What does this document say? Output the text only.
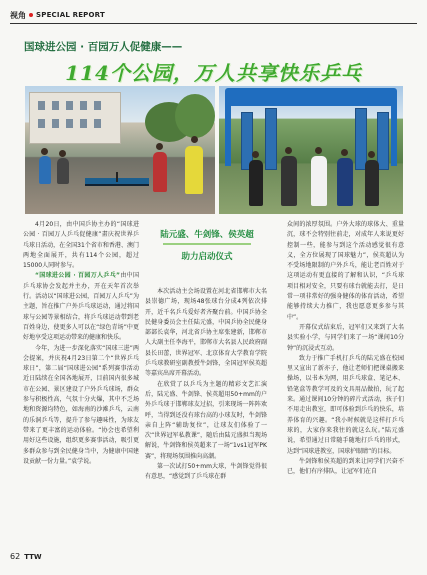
视角 SPECIAL REPORT
国球进公园 · 百园万人促健康——
114个公园，万人共享快乐乒乓

4月20日，由中国乒协主办的“国球进公园 · 百园万人乒乓促健康”畫庆祝世界乒乓球日活动，在全国31个省市和香港、澳门两地全面展开，共有114个公园，超过15000人同时参与。

“国球进公园 · 百园万人乒乓”由中国乒乓球协会发起并主办，开在天年首次举行。活动以“国球进公园，百园万人乒乓”为主题，旨在推广户外乒乓球运动，通过将国球与公园等景相结合，将乒乓球运动带到老百姓身边，使更多人可以在“绿色青场”中更好地享受这项运动带来的健康和快乐。

今年，为进一步深化落实“国球三进”两会提案，并庆祝4月23日第二个“世界乒乓球日”，第二届“国球进公园”系列赛事活动近日陆续在全国各地展开，目前国内很多城市在公园、景区建设了户外乒乓球场，群众参与积极性高，气氛十分火爆，其中不乏场地和资源均特色，如海南的沙滩乒乓，云南的乐洞乒乓等，提升了参与趣味性，为球友带来了更丰富的运动体验。“协会也希望利用好这些设施，组织更多赛事活动，吸引更多群众参与到全民健身当中，为健康中国建设贡献一份力量。”袁学说。

陆元盛、牛剑锋、侯英超
助力启动仪式

本次活动主会场设置在河北省邯郸市大名县崇德广场，现场48张球台分成4列依次排开，近千名乒乓爱好者齐聚台前。中国乒协全民健身委员会主任陆元盛，中国乒协全民健身部部长袁华，河北省乒协主席张建新，邯郸市人大副主任李海平，邯郸市大名县人民政府副县长田蕾，世界冠军、北京体育大学教育学院乒乓球教研室副教授牛剑锋，全国冠军侯英超等嘉宾出席开幕活动。

在欣赏了以乒乓为主题的精彩文艺汇演后，陆元盛、牛剑锋、侯英超用50+mm的户外乒乓球于邯郸球友过招，引来现场一阵阵欢呼，当得到还没有球台高的小球友时，牛剑锋亲自上阵“辅助复位”，让球友们体验了一次“世界冠军私教课”，随后由陆元盛担当现场解说，牛剑锋和侯英超来了一场“1vs1冠军PK赛”，将现场氛围推向高潮。

第一次试打50+mm大球，牛剑锋觉得很有意思，“感觉到了乒乓球在群

众间的浓厚氛围。户外大球的球体大、重量沉，球不会特别往前走，对成年人来说更好控制一些，能参与到这个活动感觉很有意义，全方位展现了国球魅力”，侯英超认为不受场地限制的户外乒乓，能让老百姓对于这项运动有更直接的了解和认识，“乒乓球项目相对安全，只要有球台就能去打，是日常一项非常好的强身健体的体育活动，希望能够持续大力推广，我也愿意更多参与其中”。

开幕仪式结束后，冠军们又来到了大名县实验小学，与同学们来了一场“课间10分钟”的沉浸式互动。

致力于推广手机打乒乓的陆元盛在校园里又宣出了新亦子，他让老师们把课桌搬来操场，以书本为网，用乒乓球盒、笔记本、铅笔盒等教学可及的文具用品做拍，玩了起来。通过课间10分钟的碎片式活动，孩子们不用走出教室，即可体验到乒乓的快乐，培养体育的兴趣。“我小时候就是这样打乒乓球的，大家你来我往的就这么玩。”陆元盛说，希望通过日常随手随地打乒乓的形式，达到“国球进教室，国球护眼睛”的目标。

牛剑锋和侯英超的到来让同学们兴奋不已，他们有序排队，让冠军们在自

62 TTW
